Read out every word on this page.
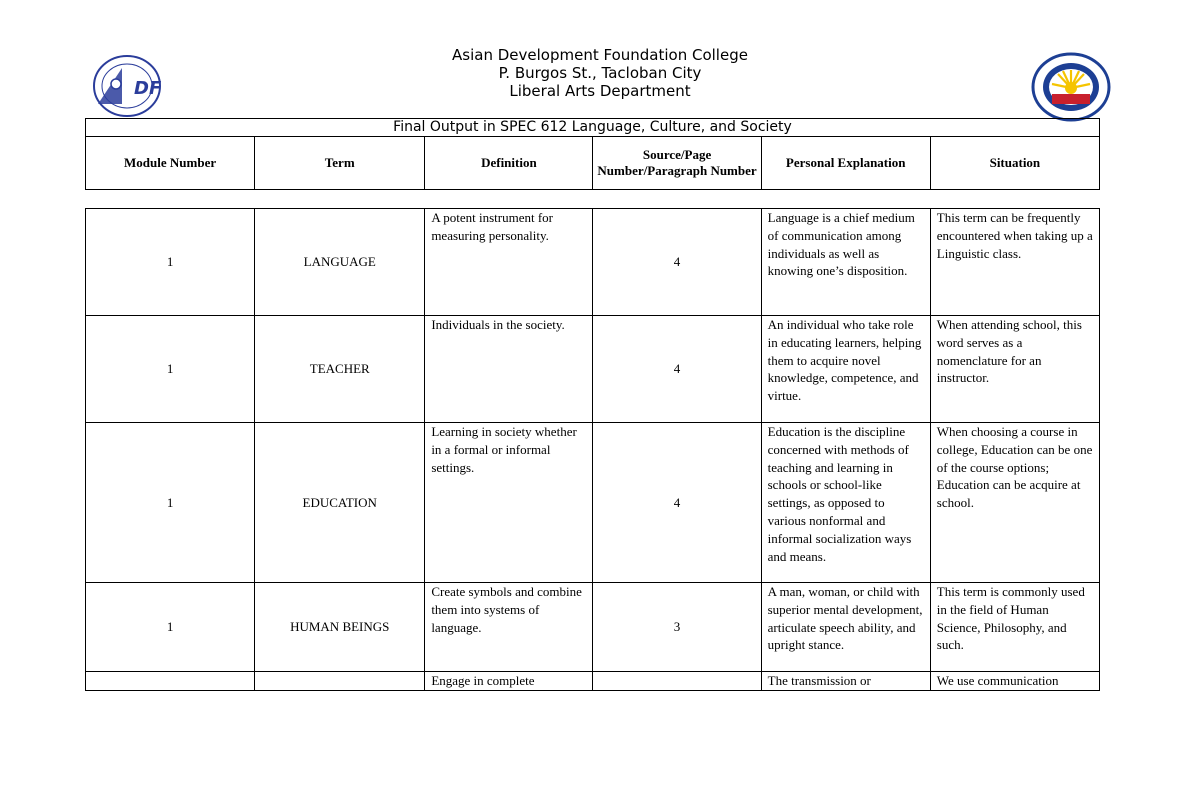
DF
Asian Development Foundation College
P. Burgos St., Tacloban City
Liberal Arts Department
Final Output in SPEC 612 Language, Culture, and Society
Module Number	Term	Definition	Source/Page Number/Paragraph Number	Personal Explanation	Situation
1	LANGUAGE	A potent instrument for measuring personality.	4	Language is a chief medium of communication among individuals as well as knowing one’s disposition.	This term can be frequently encountered when taking up a Linguistic class.
1	TEACHER	Individuals in the society.	4	An individual who take role in educating learners, helping them to acquire novel knowledge, competence, and virtue.	When attending school, this word serves as a nomenclature for an instructor.
1	EDUCATION	Learning in society whether in a formal or informal settings.	4	Education is the discipline concerned with methods of teaching and learning in schools or school-like settings, as opposed to various nonformal and informal socialization ways and means.	When choosing a course in college, Education can be one of the course options; Education can be acquire at school.
1	HUMAN BEINGS	Create symbols and combine them into systems of language.	3	A man, woman, or child with superior mental development, articulate speech ability, and upright stance.	This term is commonly used in the field of Human Science, Philosophy, and such.
		Engage in complete		The transmission or	We use communication
